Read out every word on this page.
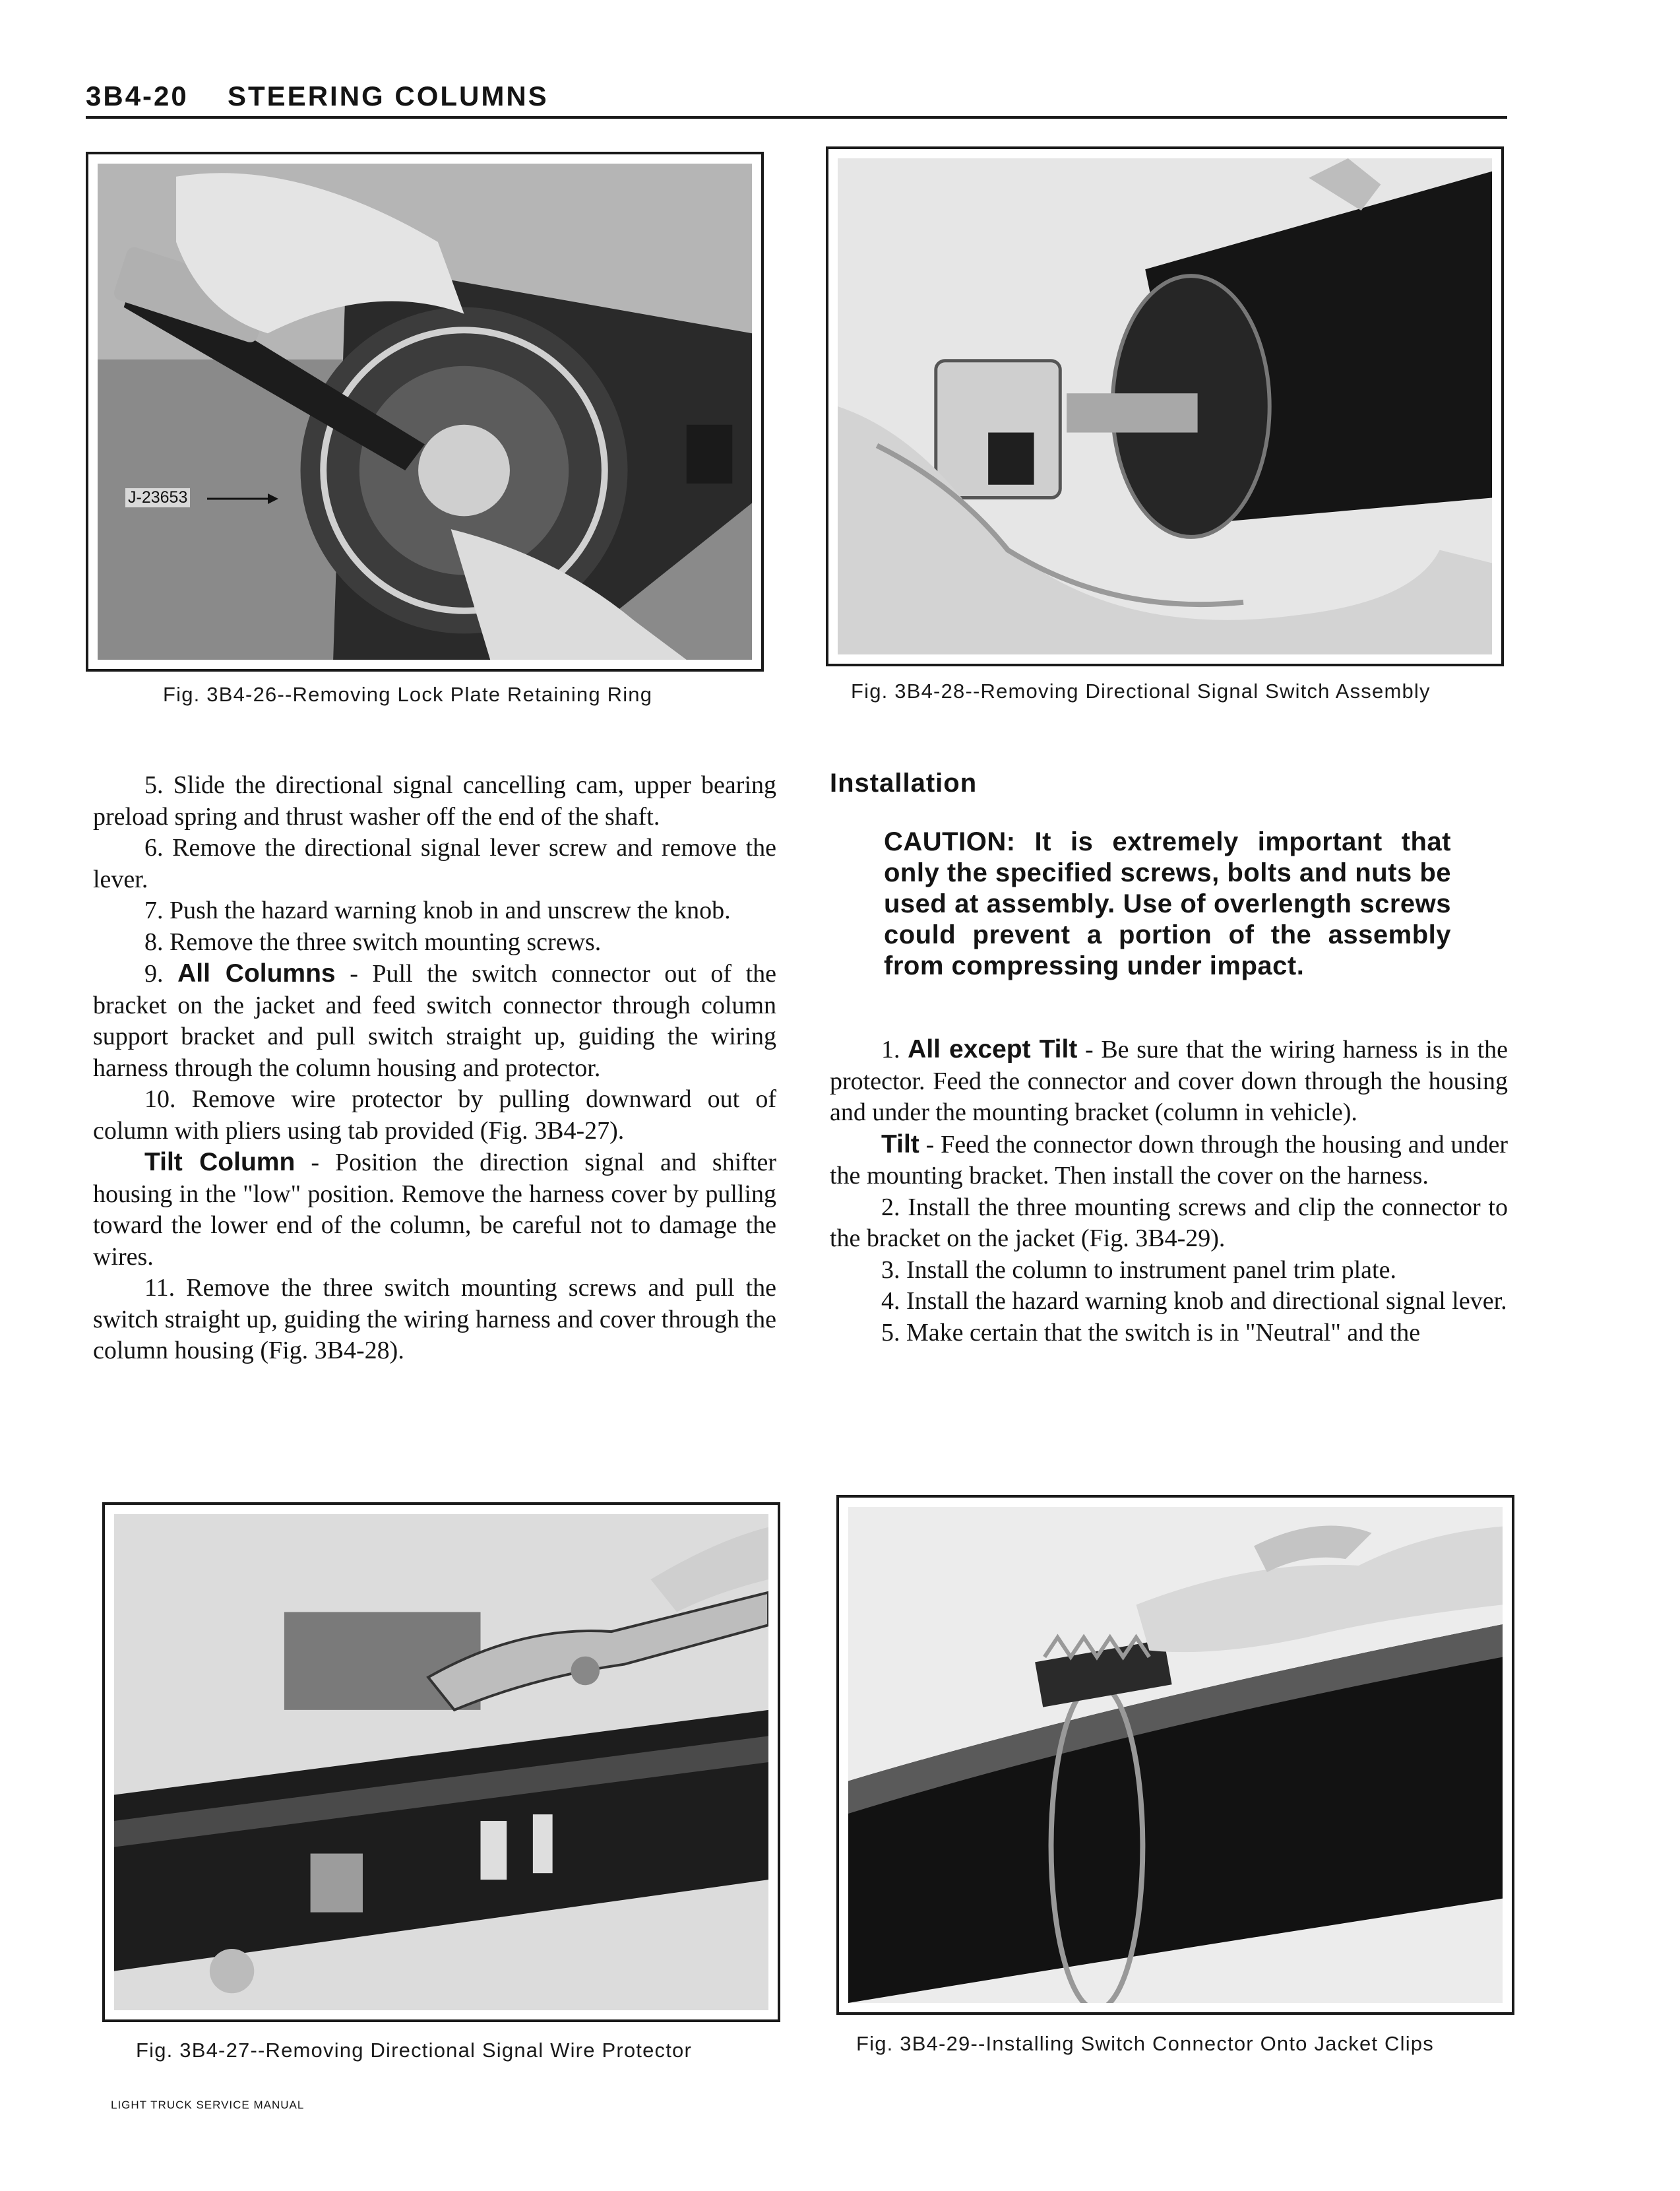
3B4-20 STEERING COLUMNS
J-23653
Fig. 3B4-26--Removing Lock Plate Retaining Ring	Fig. 3B4-28--Removing Directional Signal Switch Assembly

5. Slide the directional signal cancelling cam, upper bearing preload spring and thrust washer off the end of the shaft.

6. Remove the directional signal lever screw and remove the lever.

7. Push the hazard warning knob in and unscrew the knob.

8. Remove the three switch mounting screws.

9. All Columns - Pull the switch connector out of the bracket on the jacket and feed switch connector through column support bracket and pull switch straight up, guiding the wiring harness through the column housing and protector.

10. Remove wire protector by pulling downward out of column with pliers using tab provided (Fig. 3B4-27).

Tilt Column - Position the direction signal and shifter housing in the "low" position. Remove the harness cover by pulling toward the lower end of the column, be careful not to damage the wires.

11. Remove the three switch mounting screws and pull the switch straight up, guiding the wiring harness and cover through the column housing (Fig. 3B4-28).

Installation
CAUTION: It is extremely important that only the specified screws, bolts and nuts be used at assembly. Use of overlength screws could prevent a portion of the assembly from compressing under impact.

1. All except Tilt - Be sure that the wiring harness is in the protector. Feed the connector and cover down through the housing and under the mounting bracket (column in vehicle).

Tilt - Feed the connector down through the housing and under the mounting bracket. Then install the cover on the harness.

2. Install the three mounting screws and clip the connector to the bracket on the jacket (Fig. 3B4-29).

3. Install the column to instrument panel trim plate.

4. Install the hazard warning knob and directional signal lever.

5. Make certain that the switch is in "Neutral" and the

Fig. 3B4-27--Removing Directional Signal Wire Protector	Fig. 3B4-29--Installing Switch Connector Onto Jacket Clips
LIGHT TRUCK SERVICE MANUAL
